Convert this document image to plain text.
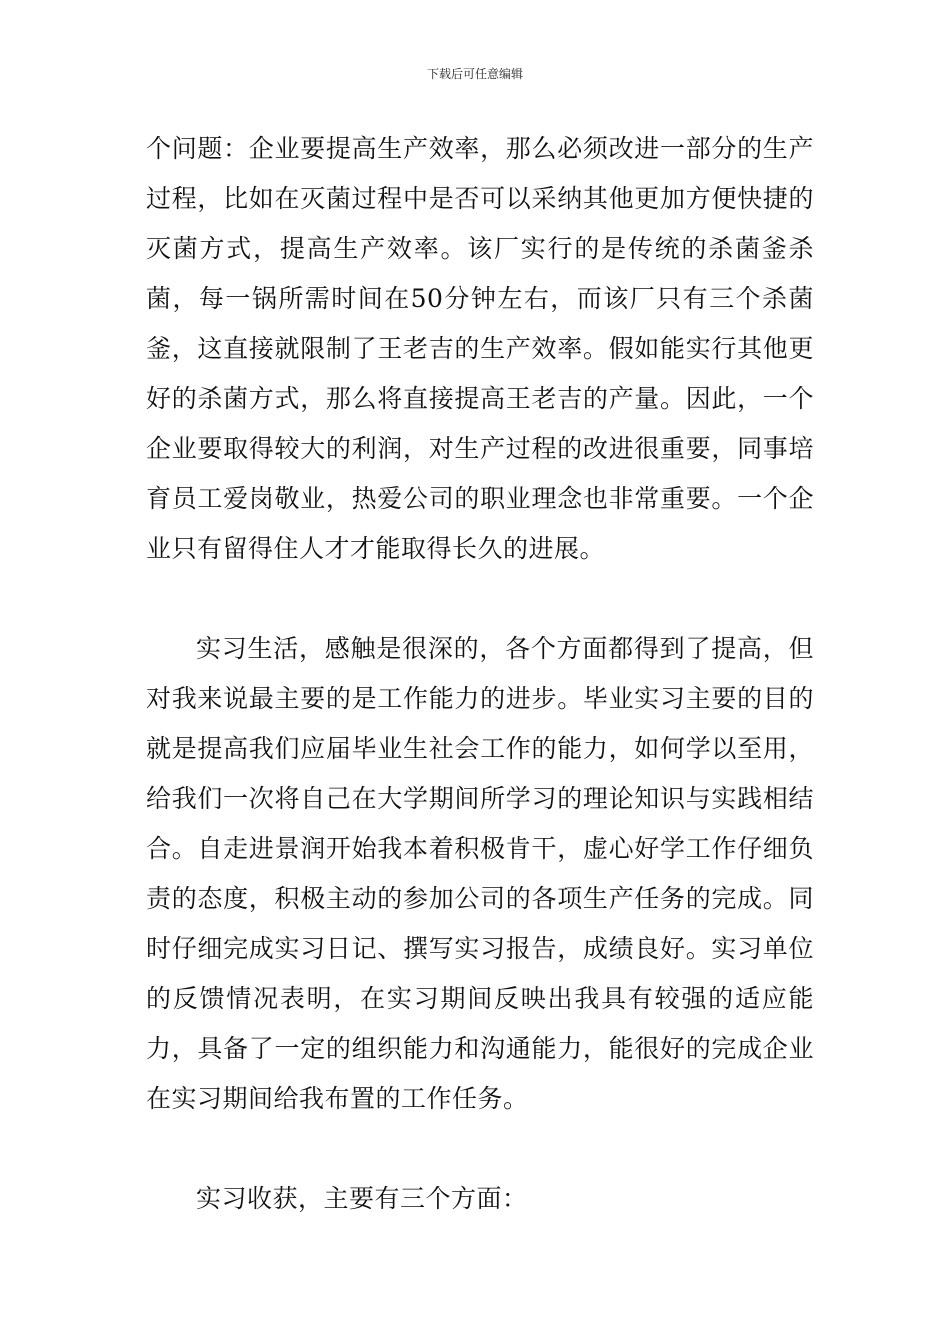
下载后可任意编辑

个问题：企业要提高生产效率，那么必须改进一部分的生产过程，比如在灭菌过程中是否可以采纳其他更加方便快捷的灭菌方式，提高生产效率。该厂实行的是传统的杀菌釜杀菌，每一锅所需时间在50分钟左右，而该厂只有三个杀菌釜，这直接就限制了王老吉的生产效率。假如能实行其他更好的杀菌方式，那么将直接提高王老吉的产量。因此，一个企业要取得较大的利润，对生产过程的改进很重要，同事培育员工爱岗敬业，热爱公司的职业理念也非常重要。一个企业只有留得住人才才能取得长久的进展。

实习生活，感触是很深的，各个方面都得到了提高，但对我来说最主要的是工作能力的进步。毕业实习主要的目的就是提高我们应届毕业生社会工作的能力，如何学以至用，给我们一次将自己在大学期间所学习的理论知识与实践相结合。自走进景润开始我本着积极肯干，虚心好学工作仔细负责的态度，积极主动的参加公司的各项生产任务的完成。同时仔细完成实习日记、撰写实习报告，成绩良好。实习单位的反馈情况表明，在实习期间反映出我具有较强的适应能力，具备了一定的组织能力和沟通能力，能很好的完成企业在实习期间给我布置的工作任务。

实习收获，主要有三个方面：
